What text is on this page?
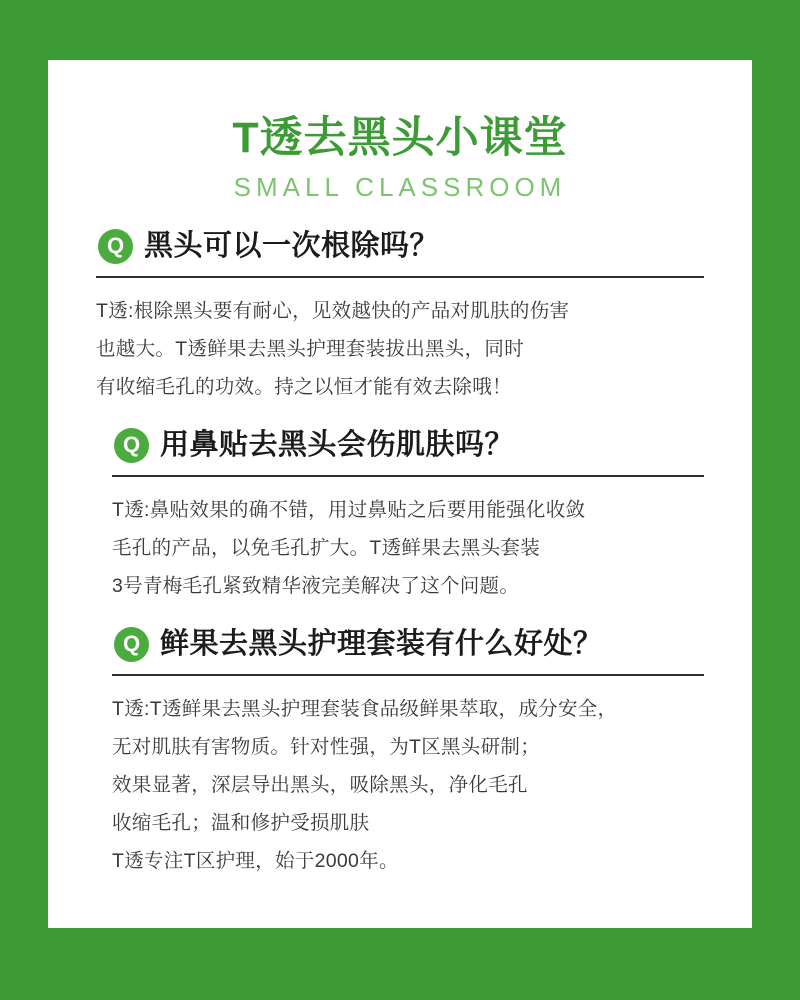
T透去黑头小课堂
SMALL CLASSROOM
Q 黑头可以一次根除吗？

T透:根除黑头要有耐心，见效越快的产品对肌肤的伤害

也越大。T透鲜果去黑头护理套装拔出黑头，同时

有收缩毛孔的功效。持之以恒才能有效去除哦！

Q 用鼻贴去黑头会伤肌肤吗？

T透:鼻贴效果的确不错，用过鼻贴之后要用能强化收敛

毛孔的产品，以免毛孔扩大。T透鲜果去黑头套装

3号青梅毛孔紧致精华液完美解决了这个问题。

Q 鲜果去黑头护理套装有什么好处？

T透:T透鲜果去黑头护理套装食品级鲜果萃取，成分安全，

无对肌肤有害物质。针对性强，为T区黑头研制；

效果显著，深层导出黑头，吸除黑头，净化毛孔

收缩毛孔；温和修护受损肌肤

T透专注T区护理，始于2000年。
